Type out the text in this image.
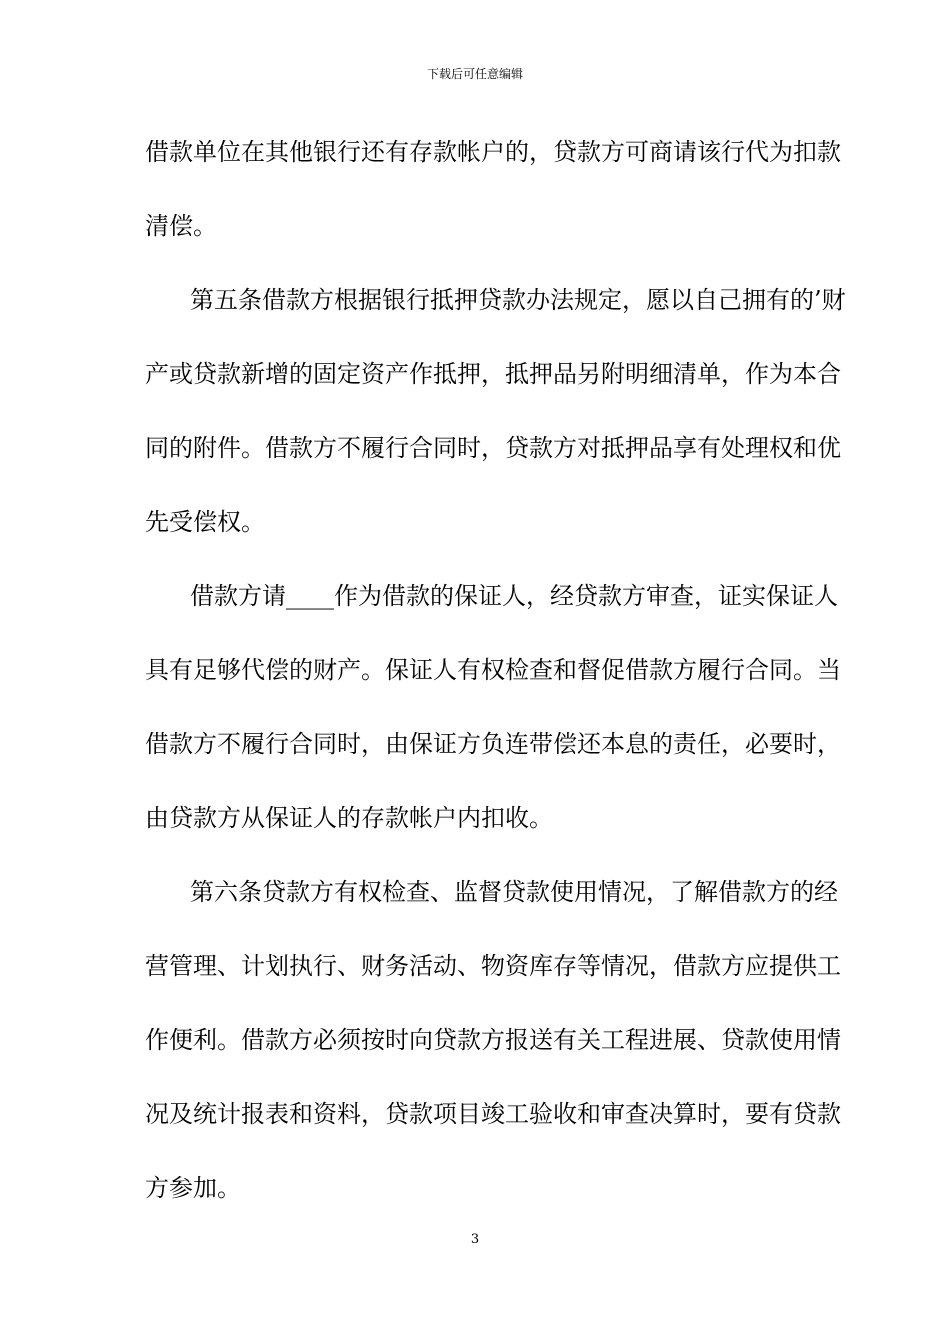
下载后可任意编辑
借款单位在其他银行还有存款帐户的，贷款方可商请该行代为扣款
清偿。
第五条借款方根据银行抵押贷款办法规定，愿以自己拥有的’财
产或贷款新增的固定资产作抵押，抵押品另附明细清单，作为本合
同的附件。借款方不履行合同时，贷款方对抵押品享有处理权和优
先受偿权。
借款方请____作为借款的保证人，经贷款方审查，证实保证人
具有足够代偿的财产。保证人有权检查和督促借款方履行合同。当
借款方不履行合同时，由保证方负连带偿还本息的责任，必要时，
由贷款方从保证人的存款帐户内扣收。
第六条贷款方有权检查、监督贷款使用情况，了解借款方的经
营管理、计划执行、财务活动、物资库存等情况，借款方应提供工
作便利。借款方必须按时向贷款方报送有关工程进展、贷款使用情
况及统计报表和资料，贷款项目竣工验收和审查决算时，要有贷款
方参加。
3
